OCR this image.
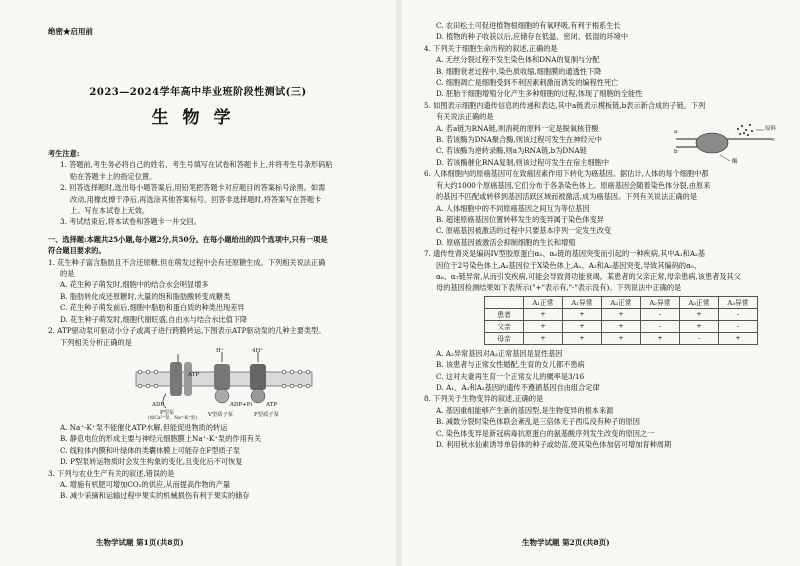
绝密★启用前
2023—2024学年高中毕业班阶段性测试(三)
生物学
考生注意:
1. 答题前,考生务必将自己的姓名、考生号填写在试卷和答题卡上,并将考生号条形码粘
贴在答题卡上的指定位置。
2. 回答选择题时,选出每小题答案后,用铅笔把答题卡对应题目的答案标号涂黑。如需
改动,用橡皮擦干净后,再选涂其他答案标号。回答非选择题时,将答案写在答题卡
上。写在本试卷上无效。
3. 考试结束后,将本试卷和答题卡一并交回。
一、选择题:本题共25小题,每小题2分,共50分。在每小题给出的四个选项中,只有一项是
符合题目要求的。
1. 花生种子富含脂肪且不含还原糖,但在萌发过程中会有还原糖生成。下列相关说法正确
的是
A. 花生种子萌发时,细胞中的结合水会明显增多
B. 脂肪转化成还原糖时,大量的饱和脂肪酸转变成糖类
C. 花生种子萌发前后,细胞中脂肪和蛋白质的种类出现差异
D. 花生种子萌发时,细胞代谢旺盛,自由水与结合水比值下降
2. ATP驱动泵可驱动小分子或离子进行跨膜转运,下图表示ATP驱动泵的几种主要类型。
下列相关分析正确的是
ATP
ADP
H⁺	4H⁺
ADP+Pi	ATP
P型泵
(如Ca²⁺泵、Na⁺-K⁺泵)
V型质子泵	F型质子泵
A. Na⁺-K⁺泵不能催化ATP水解,但能促进物质的转运
B. 静息电位的形成主要与神经元细胞膜上Na⁺-K⁺泵的作用有关
C. 线粒体内膜和叶绿体的类囊体膜上可能存在F型质子泵
D. P型泵转运物质时会发生构象的变化,且变化后不可恢复
3. 下列与农业生产有关的叙述,错误的是
A. 增施有机肥可增加CO₂的供应,从而提高作物的产量
B. 减少采摘和运输过程中果实的机械损伤有利于果实的储存
生物学试题 第1页(共8页)
C. 农田松土可促进植物根细胞的有氧呼吸,有利于根系生长
D. 植物的种子收获以后,应储存在低温、密闭、低湿的环境中
4. 下列关于细胞生命历程的叙述,正确的是
A. 无丝分裂过程不发生染色体和DNA的复制与分配
B. 细胞衰老过程中,染色质收缩,细胞膜的通透性下降
C. 细胞凋亡是细胞受到不利因素刺激而诱发的编程性死亡
D. 胚胎干细胞增殖分化产生多种细胞的过程,体现了细胞的全能性
5. 如图表示细胞内遗传信息的传递和表达,其中a链表示模板链,b表示新合成的子链。下列
有关说法正确的是
A. 若a链为RNA链,则消耗的原料一定是脱氧核苷酸
B. 若该酶为DNA聚合酶,则该过程可发生在神经元中
C. 若该酶为逆转录酶,则a为RNA链,b为DNA链
D. 若该酶催化RNA复制,则该过程可发生在宿主细胞中
a
b
c
原料
酶
6. 人体细胞内的原癌基因可在致癌因素作用下转化为癌基因。据估计,人体的每个细胞中都
有大约1000个原癌基因,它们分布于各条染色体上。原癌基因会随着染色体分裂,由原来
的基因不匹配或转移到基因活跃区域而被激活,成为癌基因。下列有关说法正确的是
A. 人体细胞中的不同原癌基因之间互为等位基因
B. 超速原癌基因位置转移发生的变异属于染色体变异
C. 原癌基因被激活的过程中只要基本序列一定发生改变
D. 原癌基因被激活会抑制细胞的生长和增殖
7. 遗传性肾炎是编码IV型胶原蛋白α₅、α₆链的基因突变而引起的一种疾病,其中A₁和A₂基
因位于2号染色体上,A₃基因位于X染色体上,A₁、A₂和A₃基因突变,导致其编码的α₅、
α₆、α₇链异常,从而引发疾病,可能会导致肾功能衰竭。某患者的父亲正常,母亲患病,该患者及其父
母的基因检测结果如下表所示("+"表示有,"-"表示没有)。下列说法中正确的是
	A₁正常	A₁异常	A₂正常	A₂异常	A₃正常	A₃异常
患者	+	+	+	-	+	-
父亲	+	+	+	-	+	-
母亲	+	+	+	+	-	+
A. A₂异常基因对A₂正常基因是显性基因
B. 该患者与正常女性婚配,生育的女儿都不患病
C. 这对夫妻再生育一个正常女儿的概率是3/16
D. A₁、A₂和A₃基因的遗传不遵循基因自由组合定律
8. 下列关于生物变异的叙述,正确的是
A. 基因重组能够产生新的基因型,是生物变异的根本来源
B. 减数分裂时染色体联会紊乱是三倍体无子西瓜没有种子的原因
C. 染色体变异是新冠病毒抗原蛋白的氨基酸序列发生改变的原因之一
D. 利用秋水仙素诱导单倍体的种子或幼苗,使其染色体加倍可增加育种周期
生物学试题 第2页(共8页)
